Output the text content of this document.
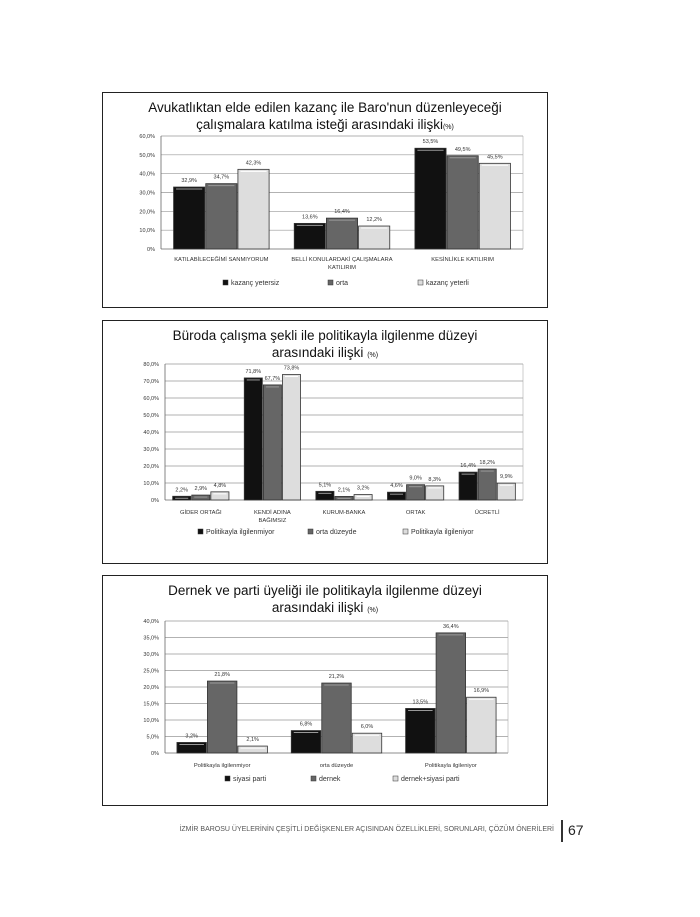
Avukatlıktan elde edilen kazanç ile Baro'nun düzenleyeceği
çalışmalara katılma isteği arasındaki ilişki(%)
0%
10,0%
20,0%
30,0%
40,0%
50,0%
60,0%
32,9%
34,7%
42,3%
KATILABİLECEĞİMİ SANMIYORUM
13,6%
16,4%
12,2%
BELLİ KONULARDAKİ ÇALIŞMALARA
KATILIRIM
53,5%
49,5%
45,5%
KESİNLİKLE KATILIRIM
kazanç yetersiz	orta	kazanç yeterli
Büroda çalışma şekli ile politikayla ilgilenme düzeyi
arasındaki ilişki (%)
0%
10,0%
20,0%
30,0%
40,0%
50,0%
60,0%
70,0%
80,0%
2,2% 2,9%
4,8%
GİDER ORTAĞI
71,8%
67,7%
73,8%
KENDİ ADINA
BAĞIMSIZ
5,1%
2,1% 3,2%
KURUM-BANKA
4,6%
9,0% 8,3%
ORTAK
16,4%
18,2%
9,9%
ÜCRETLİ
Politikayla ilgilenmiyor	orta düzeyde	Politikayla ilgileniyor
Dernek ve parti üyeliği ile politikayla ilgilenme düzeyi
arasındaki ilişki (%)
0%
5,0%
10,0%
15,0%
20,0%
25,0%
30,0%
35,0%
40,0%
3,2%
21,8%
2,1%
Politikayla ilgilenmiyor
6,8%
21,2%
6,0%
orta düzeyde
13,5%
36,4%
16,9%
Politikayla ilgileniyor
siyasi parti	dernek	dernek+siyasi parti
İZMİR BAROSU ÜYELERİNİN ÇEŞİTLİ DEĞİŞKENLER AÇISINDAN ÖZELLİKLERİ, SORUNLARI, ÇÖZÜM ÖNERİLERİ 67
